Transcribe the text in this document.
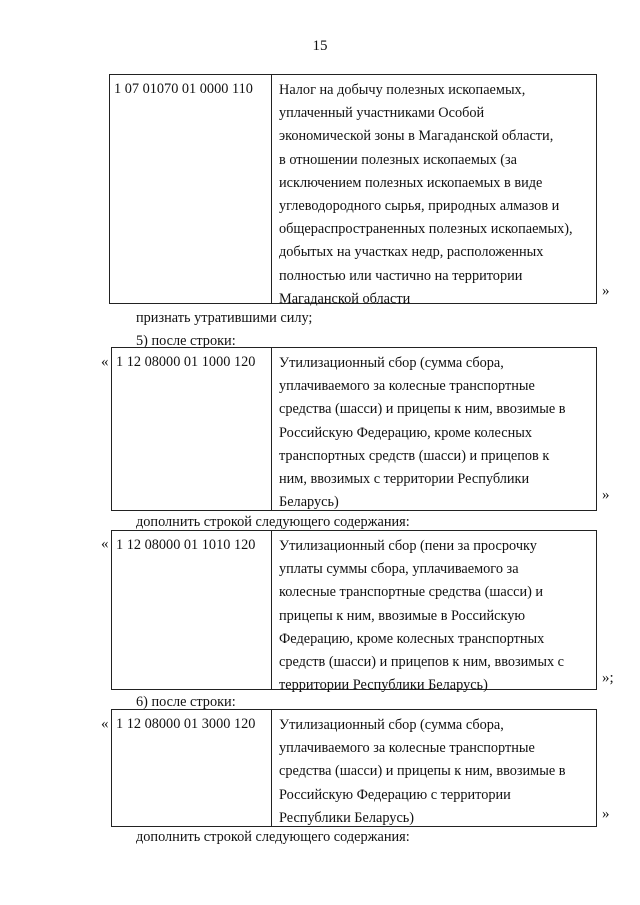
15
1 07 01070 01 0000 110	Налог на добычу полезных ископаемых,
уплаченный участниками Особой
экономической зоны в Магаданской области,
в отношении полезных ископаемых (за
исключением полезных ископаемых в виде
углеводородного сырья, природных алмазов и
общераспространенных полезных ископаемых),
добытых на участках недр, расположенных
полностью или частично на территории
Магаданской области	»
признать утратившими силу;
5) после строки:
« 1 12 08000 01 1000 120	Утилизационный сбор (сумма сбора,
уплачиваемого за колесные транспортные
средства (шасси) и прицепы к ним, ввозимые в
Российскую Федерацию, кроме колесных
транспортных средств (шасси) и прицепов к
ним, ввозимых с территории Республики
Беларусь)	»
дополнить строкой следующего содержания:
« 1 12 08000 01 1010 120	Утилизационный сбор (пени за просрочку
уплаты суммы сбора, уплачиваемого за
колесные транспортные средства (шасси) и
прицепы к ним, ввозимые в Российскую
Федерацию, кроме колесных транспортных
средств (шасси) и прицепов к ним, ввозимых с
территории Республики Беларусь)	»;
6) после строки:
« 1 12 08000 01 3000 120	Утилизационный сбор (сумма сбора,
уплачиваемого за колесные транспортные
средства (шасси) и прицепы к ним, ввозимые в
Российскую Федерацию с территории
Республики Беларусь)	»
дополнить строкой следующего содержания:
